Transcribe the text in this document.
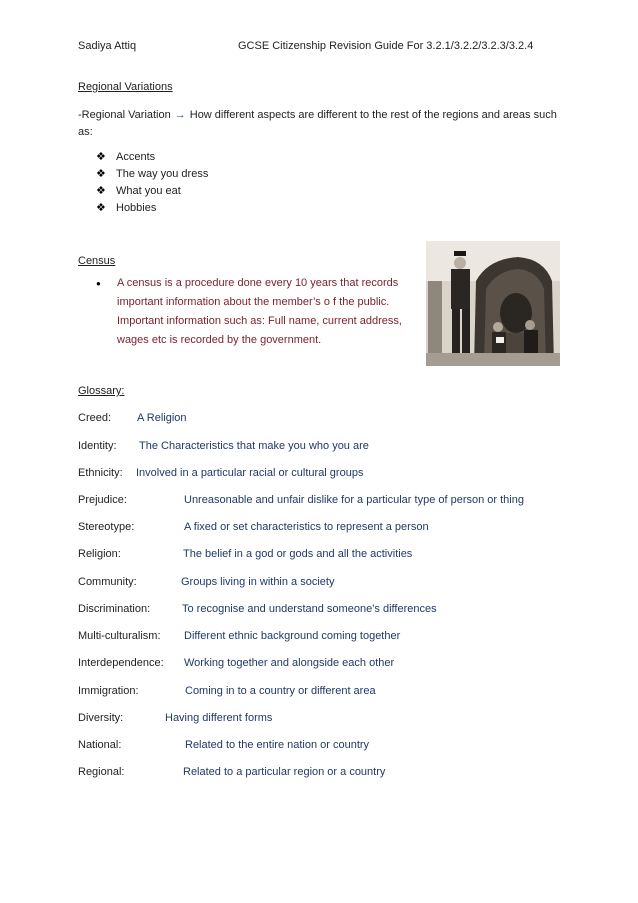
Sadiya Attiq	GCSE Citizenship Revision Guide For 3.2.1/3.2.2/3.2.3/3.2.4
Regional Variations
-Regional Variation → How different aspects are different to the rest of the regions and areas such as:
❖ Accents
❖ The way you dress
❖ What you eat
❖ Hobbies
Census
● A census is a procedure done every 10 years that records important information about the member’s o f the public. Important information such as: Full name, current address, wages etc is recorded by the government.
Glossary:
Creed: A Religion
Identity: The Characteristics that make you who you are
Ethnicity: Involved in a particular racial or cultural groups
Prejudice:	Unreasonable and unfair dislike for a particular type of person or thing
Stereotype:	A fixed or set characteristics to represent a person
Religion:	The belief in a god or gods and all the activities
Community:	Groups living in within a society
Discrimination:	To recognise and understand someone’s differences
Multi-culturalism: Different ethnic background coming together
Interdependence: Working together and alongside each other
Immigration:	Coming in to a country or different area
Diversity:	Having different forms
National:	Related to the entire nation or country
Regional:	Related to a particular region or a country
